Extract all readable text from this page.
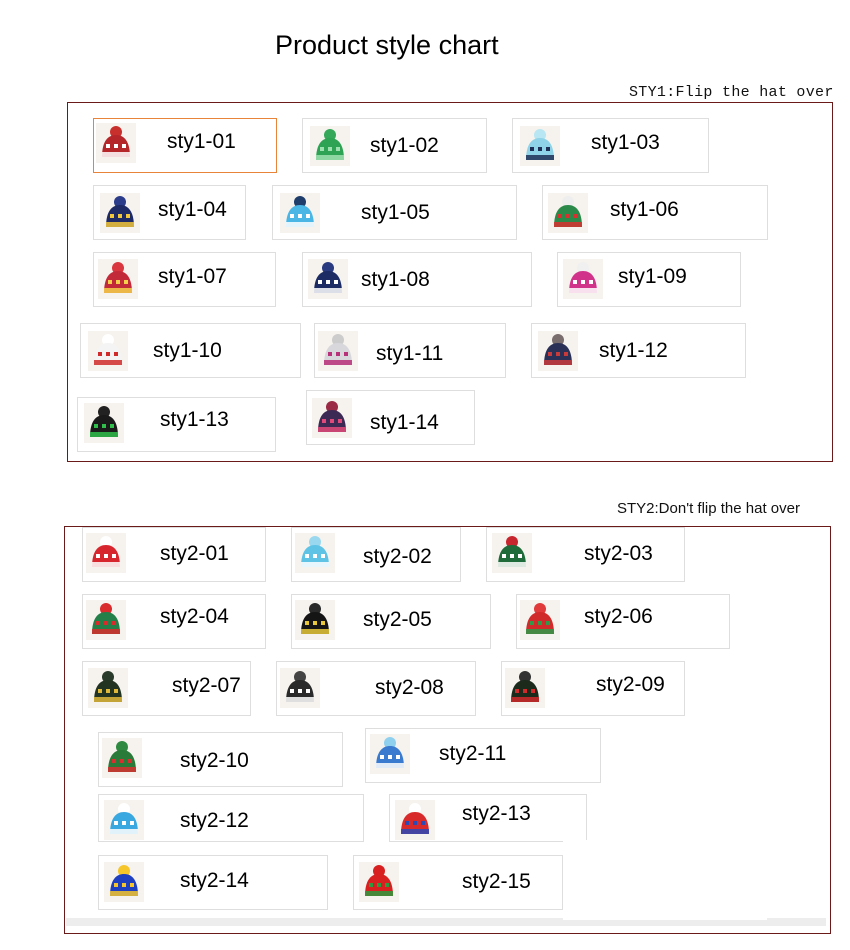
Product style chart
STY1:Flip the hat over
STY2:Don't flip the hat over
sty1-01	sty1-02	sty1-03
sty1-04	sty1-05	sty1-06
sty1-07	sty1-08	sty1-09
sty1-10	sty1-11	sty1-12
sty1-13	sty1-14
sty2-01	sty2-02	sty2-03
sty2-04	sty2-05	sty2-06
sty2-07	sty2-08	sty2-09
sty2-10	sty2-11
sty2-12	sty2-13
sty2-14	sty2-15
